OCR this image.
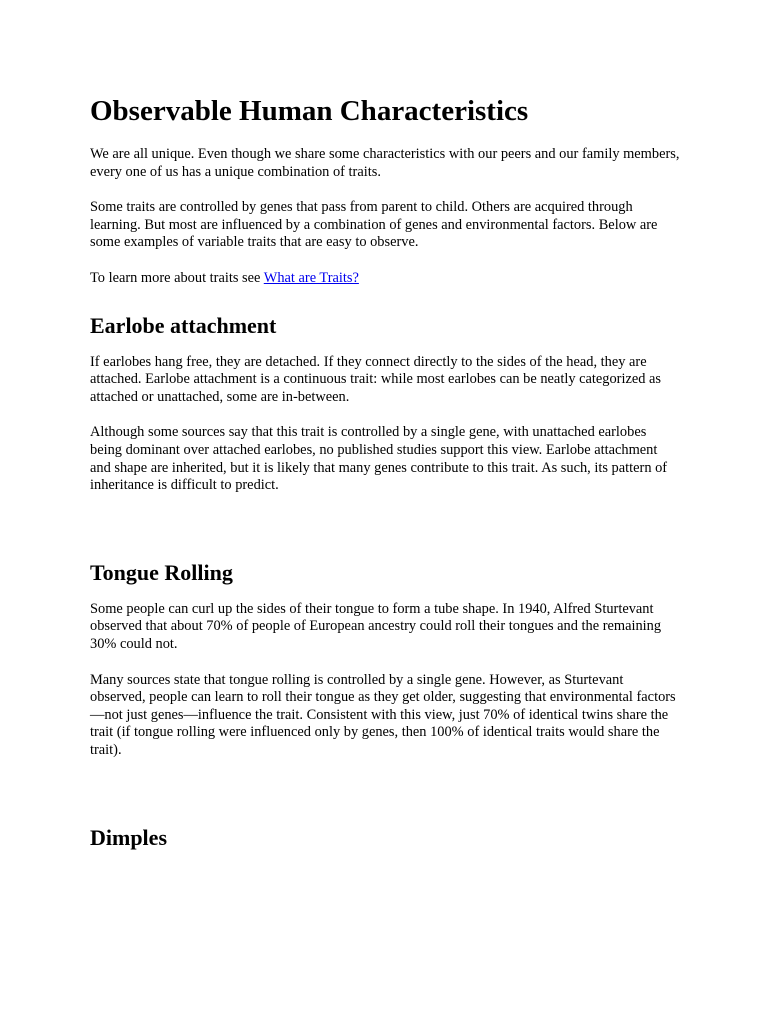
Observable Human Characteristics

We are all unique. Even though we share some characteristics with our peers and our family members, every one of us has a unique combination of traits.

Some traits are controlled by genes that pass from parent to child. Others are acquired through learning. But most are influenced by a combination of genes and environmental factors. Below are some examples of variable traits that are easy to observe.

To learn more about traits see What are Traits?

Earlobe attachment

If earlobes hang free, they are detached. If they connect directly to the sides of the head, they are attached. Earlobe attachment is a continuous trait: while most earlobes can be neatly categorized as attached or unattached, some are in-between.

Although some sources say that this trait is controlled by a single gene, with unattached earlobes being dominant over attached earlobes, no published studies support this view. Earlobe attachment and shape are inherited, but it is likely that many genes contribute to this trait. As such, its pattern of inheritance is difficult to predict.

Tongue Rolling

Some people can curl up the sides of their tongue to form a tube shape. In 1940, Alfred Sturtevant observed that about 70% of people of European ancestry could roll their tongues and the remaining 30% could not.

Many sources state that tongue rolling is controlled by a single gene. However, as Sturtevant observed, people can learn to roll their tongue as they get older, suggesting that environmental factors—not just genes—influence the trait. Consistent with this view, just 70% of identical twins share the trait (if tongue rolling were influenced only by genes, then 100% of identical traits would share the trait).

Dimples
